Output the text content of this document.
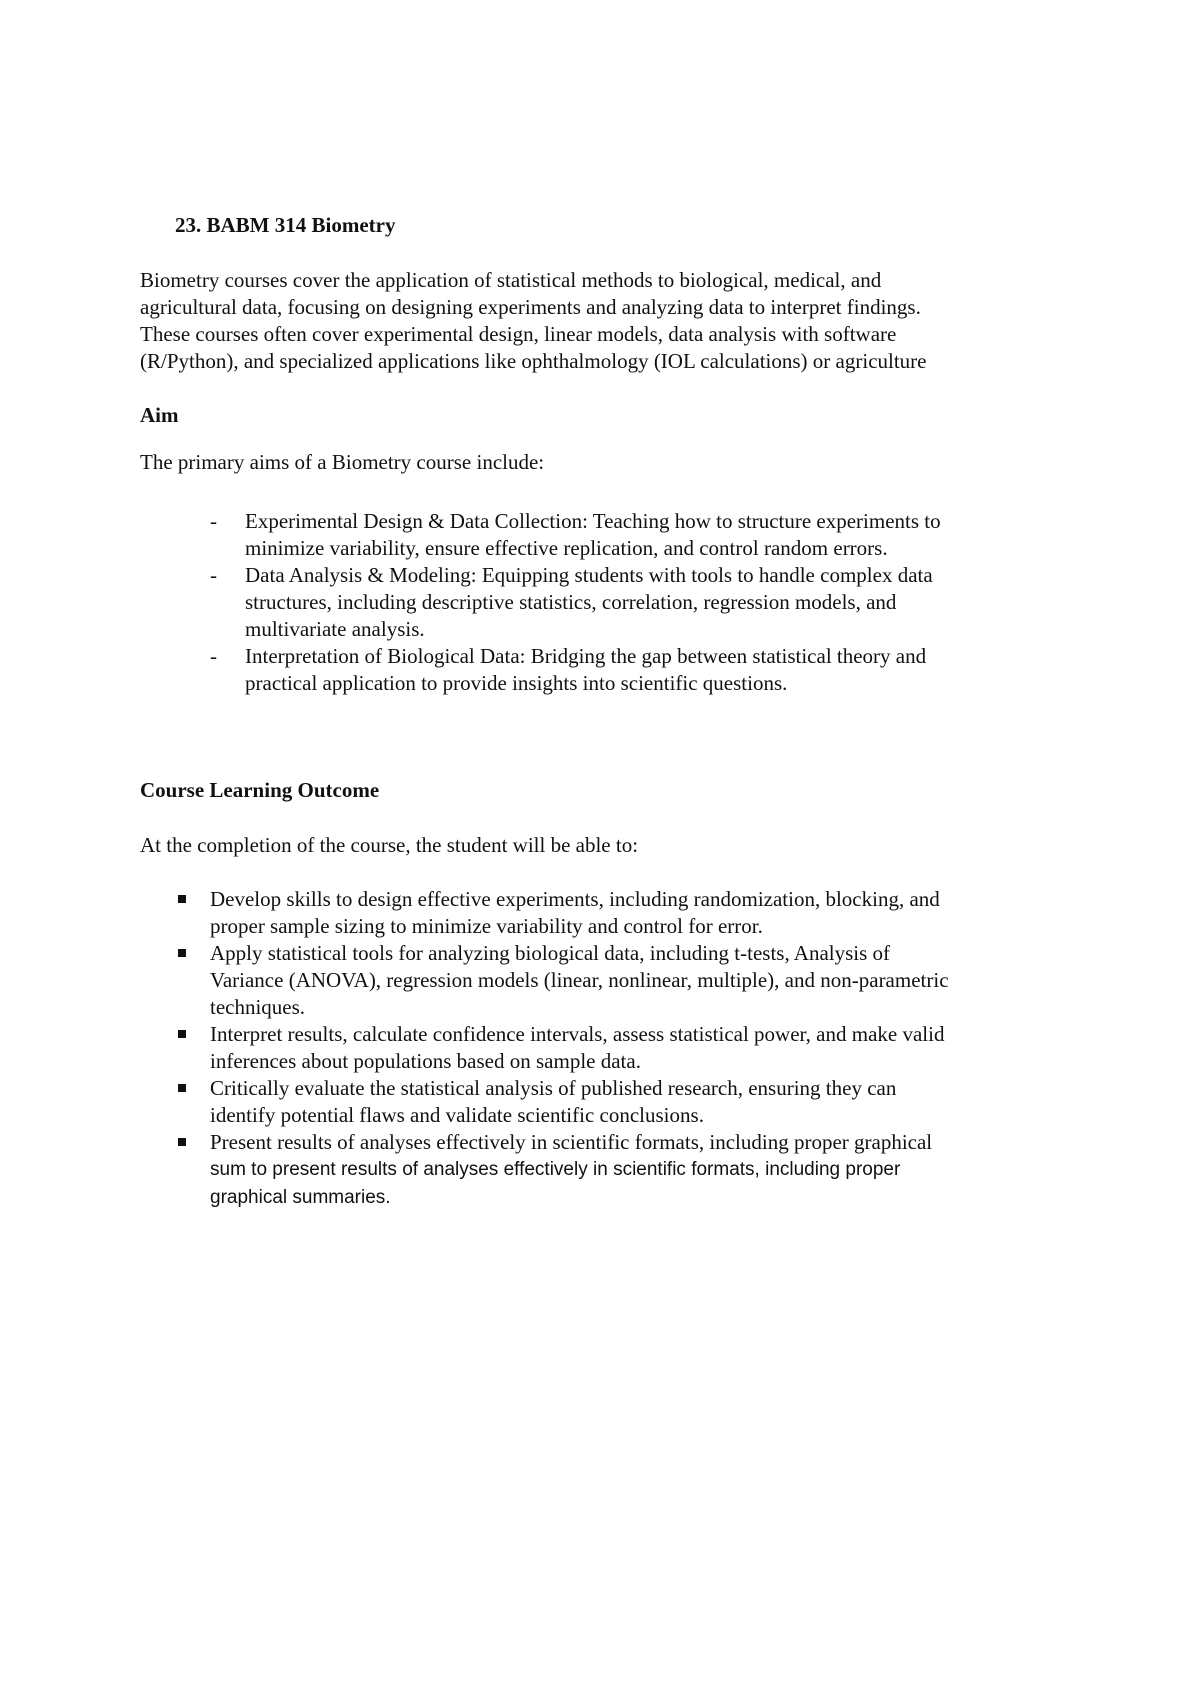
23. BABM 314 Biometry
Biometry courses cover the application of statistical methods to biological, medical, and
agricultural data, focusing on designing experiments and analyzing data to interpret findings.
These courses often cover experimental design, linear models, data analysis with software
(R/Python), and specialized applications like ophthalmology (IOL calculations) or agriculture
Aim

The primary aims of a Biometry course include:

- Experimental Design & Data Collection: Teaching how to structure experiments to
minimize variability, ensure effective replication, and control random errors.
- Data Analysis & Modeling: Equipping students with tools to handle complex data
structures, including descriptive statistics, correlation, regression models, and
multivariate analysis.
- Interpretation of Biological Data: Bridging the gap between statistical theory and
practical application to provide insights into scientific questions.
Course Learning Outcome

At the completion of the course, the student will be able to:

Develop skills to design effective experiments, including randomization, blocking, and
proper sample sizing to minimize variability and control for error.
Apply statistical tools for analyzing biological data, including t-tests, Analysis of
Variance (ANOVA), regression models (linear, nonlinear, multiple), and non-parametric
techniques.
Interpret results, calculate confidence intervals, assess statistical power, and make valid
inferences about populations based on sample data.
Critically evaluate the statistical analysis of published research, ensuring they can
identify potential flaws and validate scientific conclusions.
Present results of analyses effectively in scientific formats, including proper graphical
sum to present results of analyses effectively in scientific formats, including proper
graphical summaries.
